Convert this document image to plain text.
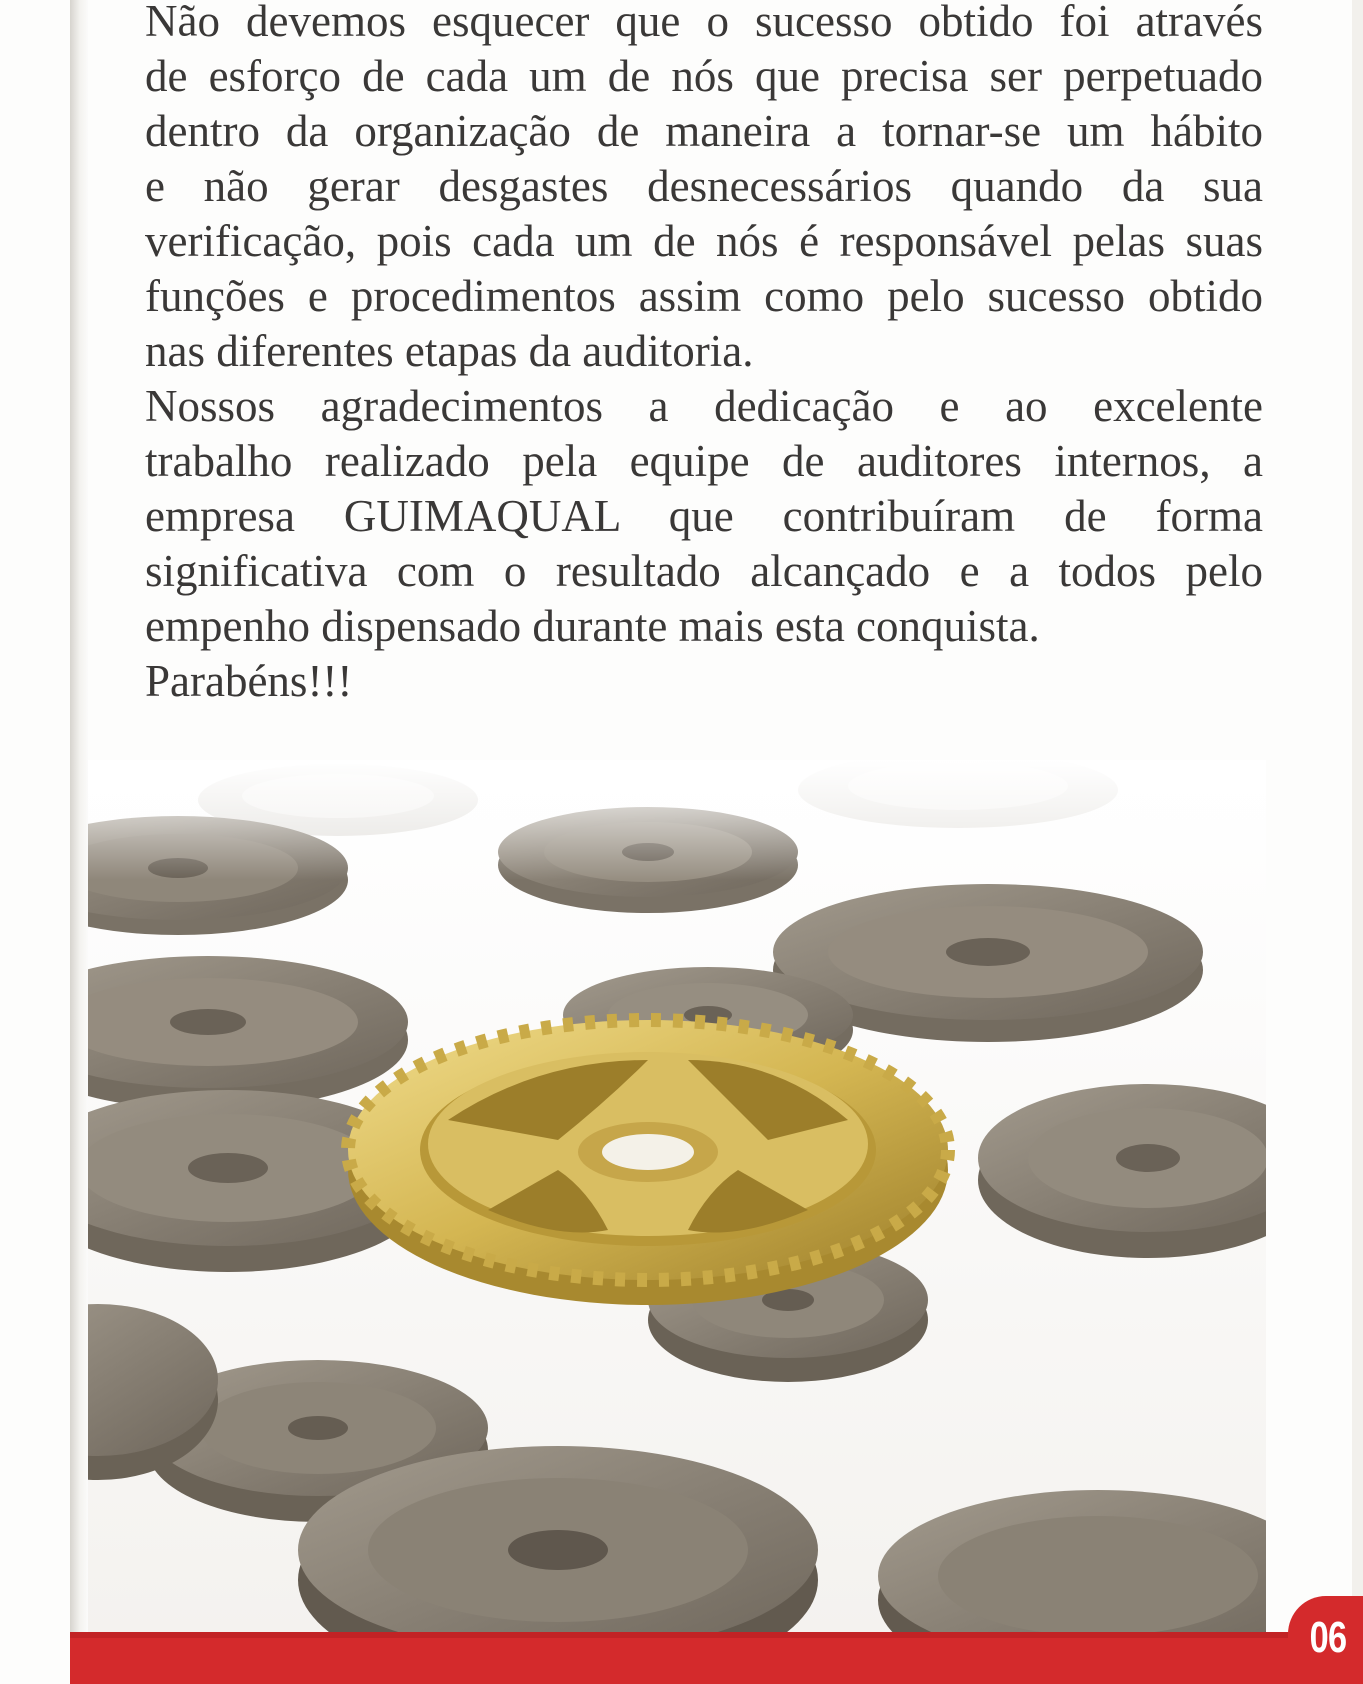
Não devemos esquecer que o sucesso obtido foi através
de esforço de cada um de nós que precisa ser perpetuado
dentro da organização de maneira a tornar-se um hábito
e não gerar desgastes desnecessários quando da sua
verificação, pois cada um de nós é responsável pelas suas
funções e procedimentos assim como pelo sucesso obtido
nas diferentes etapas da auditoria.

Nossos agradecimentos a dedicação e ao excelente
trabalho realizado pela equipe de auditores internos, a
empresa GUIMAQUAL que contribuíram de forma
significativa com o resultado alcançado e a todos pelo
empenho dispensado durante mais esta conquista.

Parabéns!!!

06
